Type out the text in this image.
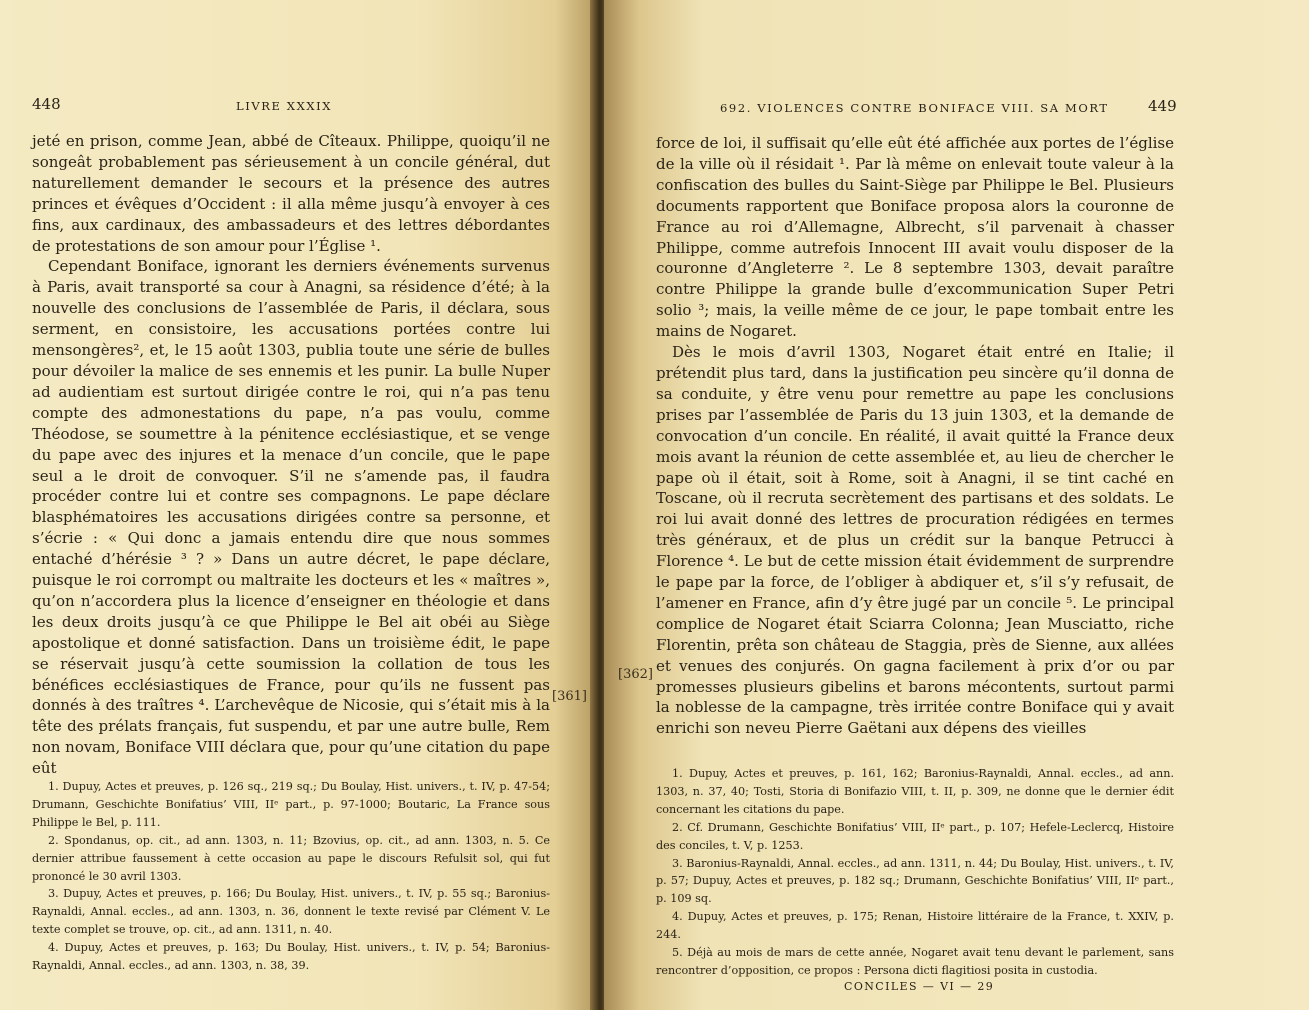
448	LIVRE XXXIX

jeté en prison, comme Jean, abbé de Cîteaux. Philippe, quoiqu’il ne songeât probablement pas sérieusement à un concile général, dut naturellement demander le secours et la présence des autres princes et évêques d’Occident : il alla même jusqu’à envoyer à ces fins, aux cardinaux, des ambassadeurs et des lettres débordantes de protestations de son amour pour l’Église ¹.

Cependant Boniface, ignorant les derniers événements survenus à Paris, avait transporté sa cour à Anagni, sa résidence d’été; à la nouvelle des conclusions de l’assemblée de Paris, il déclara, sous serment, en consistoire, les accusations portées contre lui mensongères², et, le 15 août 1303, publia toute une série de bulles pour dévoiler la malice de ses ennemis et les punir. La bulle Nuper ad audientiam est surtout dirigée contre le roi, qui n’a pas tenu compte des admonestations du pape, n’a pas voulu, comme Théodose, se soumettre à la pénitence ecclésiastique, et se venge du pape avec des injures et la menace d’un concile, que le pape seul a le droit de convoquer. S’il ne s’amende pas, il faudra procéder contre lui et contre ses compagnons. Le pape déclare blasphématoires les accusations dirigées contre sa personne, et s’écrie : « Qui donc a jamais entendu dire que nous sommes entaché d’hérésie ³ ? » Dans un autre décret, le pape déclare, puisque le roi corrompt ou maltraite les docteurs et les « maîtres », qu’on n’accordera plus la licence d’enseigner en théologie et dans les deux droits jusqu’à ce que Philippe le Bel ait obéi au Siège apostolique et donné satisfaction. Dans un troisième édit, le pape se réservait jusqu’à cette soumission la collation de tous les bénéfices ecclésiastiques de France, pour qu’ils ne fussent pas donnés à des traîtres ⁴. L’archevêque de Nicosie, qui s’était mis à la tête des prélats français, fut suspendu, et par une autre bulle, Rem non novam, Boniface VIII déclara que, pour qu’une citation du pape eût

[361]

1. Dupuy, Actes et preuves, p. 126 sq., 219 sq.; Du Boulay, Hist. univers., t. IV, p. 47-54; Drumann, Geschichte Bonifatius’ VIII, IIᵉ part., p. 97-1000; Boutaric, La France sous Philippe le Bel, p. 111.

2. Spondanus, op. cit., ad ann. 1303, n. 11; Bzovius, op. cit., ad ann. 1303, n. 5. Ce dernier attribue faussement à cette occasion au pape le discours Refulsit sol, qui fut prononcé le 30 avril 1303.

3. Dupuy, Actes et preuves, p. 166; Du Boulay, Hist. univers., t. IV, p. 55 sq.; Baronius-Raynaldi, Annal. eccles., ad ann. 1303, n. 36, donnent le texte revisé par Clément V. Le texte complet se trouve, op. cit., ad ann. 1311, n. 40.

4. Dupuy, Actes et preuves, p. 163; Du Boulay, Hist. univers., t. IV, p. 54; Baronius-Raynaldi, Annal. eccles., ad ann. 1303, n. 38, 39.

692. VIOLENCES CONTRE BONIFACE VIII. SA MORT	449

force de loi, il suffisait qu’elle eût été affichée aux portes de l’église de la ville où il résidait ¹. Par là même on enlevait toute valeur à la confiscation des bulles du Saint-Siège par Philippe le Bel. Plusieurs documents rapportent que Boniface proposa alors la couronne de France au roi d’Allemagne, Albrecht, s’il parvenait à chasser Philippe, comme autrefois Innocent III avait voulu disposer de la couronne d’Angleterre ². Le 8 septembre 1303, devait paraître contre Philippe la grande bulle d’excommunication Super Petri solio ³; mais, la veille même de ce jour, le pape tombait entre les mains de Nogaret.

Dès le mois d’avril 1303, Nogaret était entré en Italie; il prétendit plus tard, dans la justification peu sincère qu’il donna de sa conduite, y être venu pour remettre au pape les conclusions prises par l’assemblée de Paris du 13 juin 1303, et la demande de convocation d’un concile. En réalité, il avait quitté la France deux mois avant la réunion de cette assemblée et, au lieu de chercher le pape où il était, soit à Rome, soit à Anagni, il se tint caché en Toscane, où il recruta secrètement des partisans et des soldats. Le roi lui avait donné des lettres de procuration rédigées en termes très généraux, et de plus un crédit sur la banque Petrucci à Florence ⁴. Le but de cette mission était évidemment de surprendre le pape par la force, de l’obliger à abdiquer et, s’il s’y refusait, de l’amener en France, afin d’y être jugé par un concile ⁵. Le principal complice de Nogaret était Sciarra Colonna; Jean Musciatto, riche Florentin, prêta son château de Staggia, près de Sienne, aux allées et venues des conjurés. On gagna facilement à prix d’or ou par promesses plusieurs gibelins et barons mécontents, surtout parmi la noblesse de la campagne, très irritée contre Boniface qui y avait enrichi son neveu Pierre Gaëtani aux dépens des vieilles

[362]

1. Dupuy, Actes et preuves, p. 161, 162; Baronius-Raynaldi, Annal. eccles., ad ann. 1303, n. 37, 40; Tosti, Storia di Bonifazio VIII, t. II, p. 309, ne donne que le dernier édit concernant les citations du pape.

2. Cf. Drumann, Geschichte Bonifatius’ VIII, IIᵉ part., p. 107; Hefele-Leclercq, Histoire des conciles, t. V, p. 1253.

3. Baronius-Raynaldi, Annal. eccles., ad ann. 1311, n. 44; Du Boulay, Hist. univers., t. IV, p. 57; Dupuy, Actes et preuves, p. 182 sq.; Drumann, Geschichte Bonifatius’ VIII, IIᵉ part., p. 109 sq.

4. Dupuy, Actes et preuves, p. 175; Renan, Histoire littéraire de la France, t. XXIV, p. 244.

5. Déjà au mois de mars de cette année, Nogaret avait tenu devant le parlement, sans rencontrer d’opposition, ce propos : Persona dicti flagitiosi posita in custodia.

CONCILES — VI — 29
